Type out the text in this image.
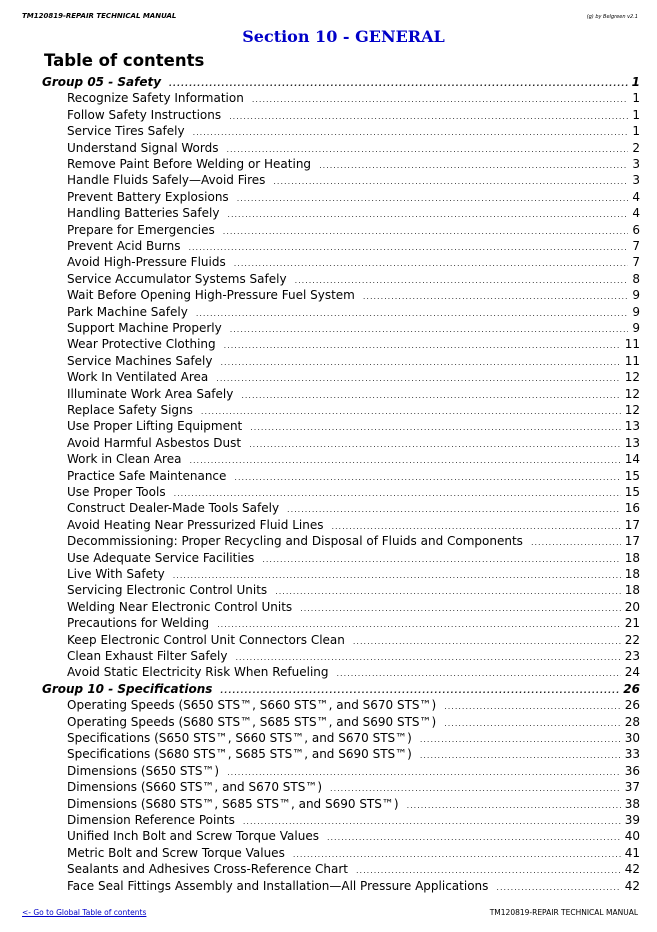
TM120819-REPAIR TECHNICAL MANUAL	(g) by Belgreen v2.1
Section 10 - GENERAL
Table of contents
Group 05 - Safety .....	1
Recognize Safety Information .....	1
Follow Safety Instructions .....	1
Service Tires Safely .....	1
Understand Signal Words .....	2
Remove Paint Before Welding or Heating .....	3
Handle Fluids Safely—Avoid Fires .....	3
Prevent Battery Explosions .....	4
Handling Batteries Safely .....	4
Prepare for Emergencies .....	6
Prevent Acid Burns .....	7
Avoid High-Pressure Fluids .....	7
Service Accumulator Systems Safely .....	8
Wait Before Opening High-Pressure Fuel System .....	9
Park Machine Safely .....	9
Support Machine Properly .....	9
Wear Protective Clothing .....	11
Service Machines Safely .....	11
Work In Ventilated Area .....	12
Illuminate Work Area Safely .....	12
Replace Safety Signs .....	12
Use Proper Lifting Equipment .....	13
Avoid Harmful Asbestos Dust .....	13
Work in Clean Area .....	14
Practice Safe Maintenance .....	15
Use Proper Tools .....	15
Construct Dealer-Made Tools Safely .....	16
Avoid Heating Near Pressurized Fluid Lines .....	17
Decommissioning: Proper Recycling and Disposal of Fluids and Components .....	17
Use Adequate Service Facilities .....	18
Live With Safety .....	18
Servicing Electronic Control Units .....	18
Welding Near Electronic Control Units .....	20
Precautions for Welding .....	21
Keep Electronic Control Unit Connectors Clean .....	22
Clean Exhaust Filter Safely .....	23
Avoid Static Electricity Risk When Refueling .....	24
Group 10 - Specifications .....	26
Operating Speeds (S650 STS™, S660 STS™, and S670 STS™) .....	26
Operating Speeds (S680 STS™, S685 STS™, and S690 STS™) .....	28
Specifications (S650 STS™, S660 STS™, and S670 STS™) .....	30
Specifications (S680 STS™, S685 STS™, and S690 STS™) .....	33
Dimensions (S650 STS™) .....	36
Dimensions (S660 STS™, and S670 STS™) .....	37
Dimensions (S680 STS™, S685 STS™, and S690 STS™) .....	38
Dimension Reference Points .....	39
Unified Inch Bolt and Screw Torque Values .....	40
Metric Bolt and Screw Torque Values .....	41
Sealants and Adhesives Cross-Reference Chart .....	42
Face Seal Fittings Assembly and Installation—All Pressure Applications .....	42
<- Go to Global Table of contents	TM120819-REPAIR TECHNICAL MANUAL
